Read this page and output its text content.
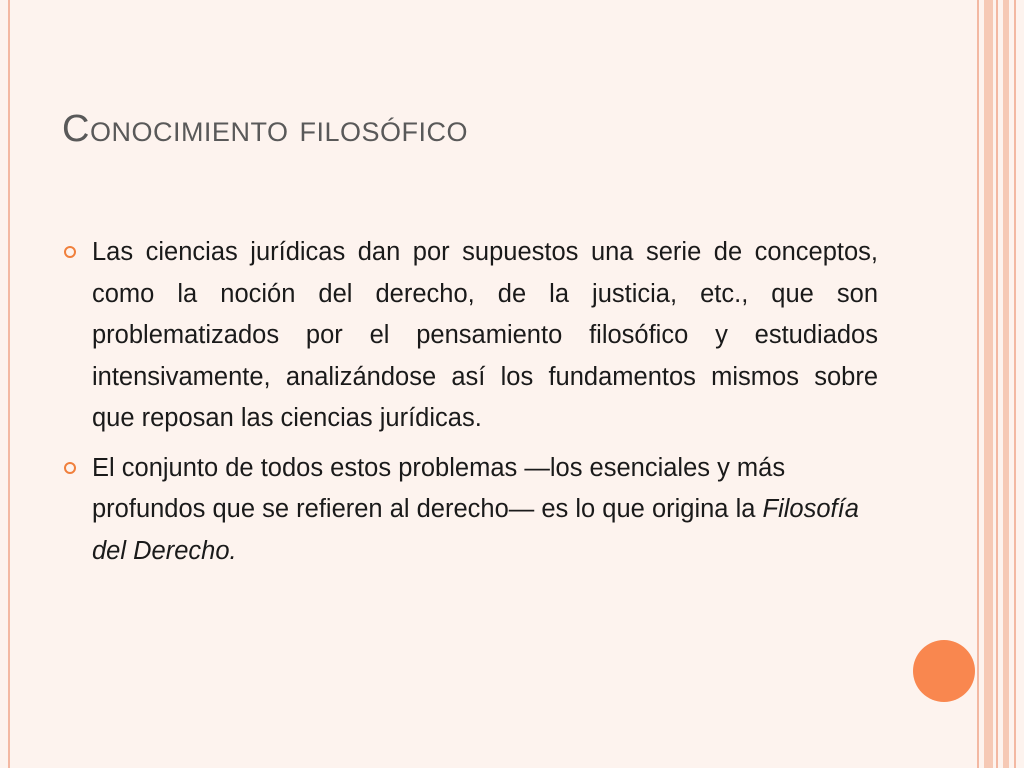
Conocimiento filosófico
Las ciencias jurídicas dan por supuestos una serie de conceptos, como la noción del derecho, de la justicia, etc., que son problematizados por el pensamiento filosófico y estudiados intensivamente, analizándose así los fundamentos mismos sobre que reposan las ciencias jurídicas.
El conjunto de todos estos problemas —los esenciales y más profundos que se refieren al derecho— es lo que origina la Filosofía del Derecho.
